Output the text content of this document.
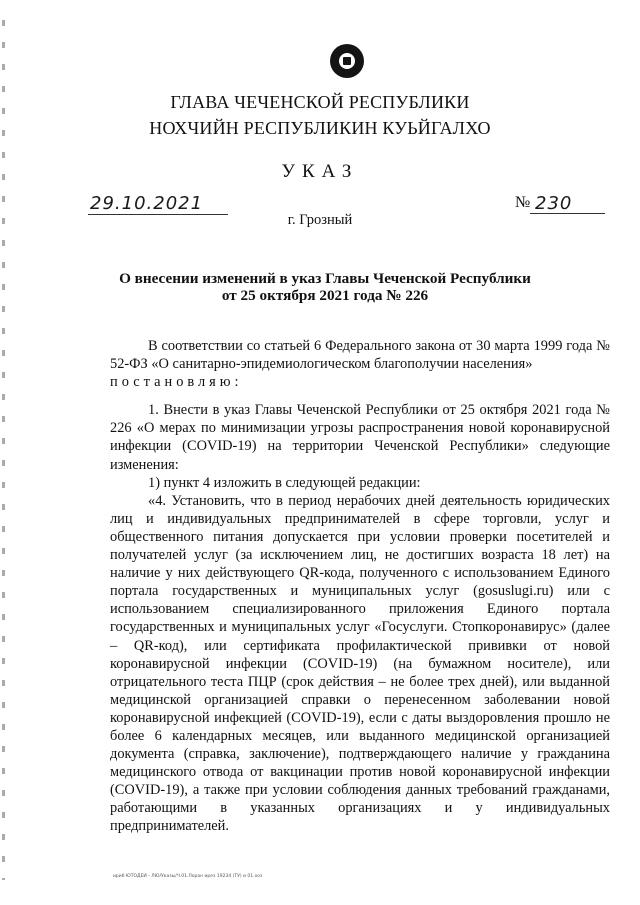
ГЛАВА ЧЕЧЕНСКОЙ РЕСПУБЛИКИ
НОХЧИЙН РЕСПУБЛИКИН КУЬЙГАЛХО
УКАЗ
29.10.2021	№ 230
г. Грозный
О внесении изменений в указ Главы Чеченской Республики
от 25 октября 2021 года № 226

В соответствии со статьей 6 Федерального закона от 30 марта 1999 года № 52-ФЗ «О санитарно-эпидемиологическом благополучии населения»
постановляю:

1. Внести в указ Главы Чеченской Республики от 25 октября 2021 года № 226 «О мерах по минимизации угрозы распространения новой коронавирусной инфекции (COVID-19) на территории Чеченской Республики» следующие изменения:

1) пункт 4 изложить в следующей редакции:

«4. Установить, что в период нерабочих дней деятельность юридических лиц и индивидуальных предпринимателей в сфере торговли, услуг и общественного питания допускается при условии проверки посетителей и получателей услуг (за исключением лиц, не достигших возраста 18 лет) на наличие у них действующего QR-кода, полученного с использованием Единого портала государственных и муниципальных услуг (gosuslugi.ru) или с использованием специализированного приложения Единого портала государственных и муниципальных услуг «Госуслуги. Стопкоронавирус» (далее – QR-код), или сертификата профилактической прививки от новой коронавирусной инфекции (COVID-19) (на бумажном носителе), или отрицательного теста ПЦР (срок действия – не более трех дней), или выданной медицинской организацией справки о перенесенном заболевании новой коронавирусной инфекцией (COVID-19), если с даты выздоровления прошло не более 6 календарных месяцев, или выданного медицинской организацией документа (справка, заключение), подтверждающего наличие у гражданина медицинского отвода от вакцинации против новой коронавирусной инфекции (COVID-19), а также при условии соблюдения данных требований гражданами, работающими в указанных организациях и у индивидуальных предпринимателей.

ириб ЮТОДЕИ - ЛЮ/Указы/Ч.01.Лоран ирез 19234 (ТУ) и 01.хоз
